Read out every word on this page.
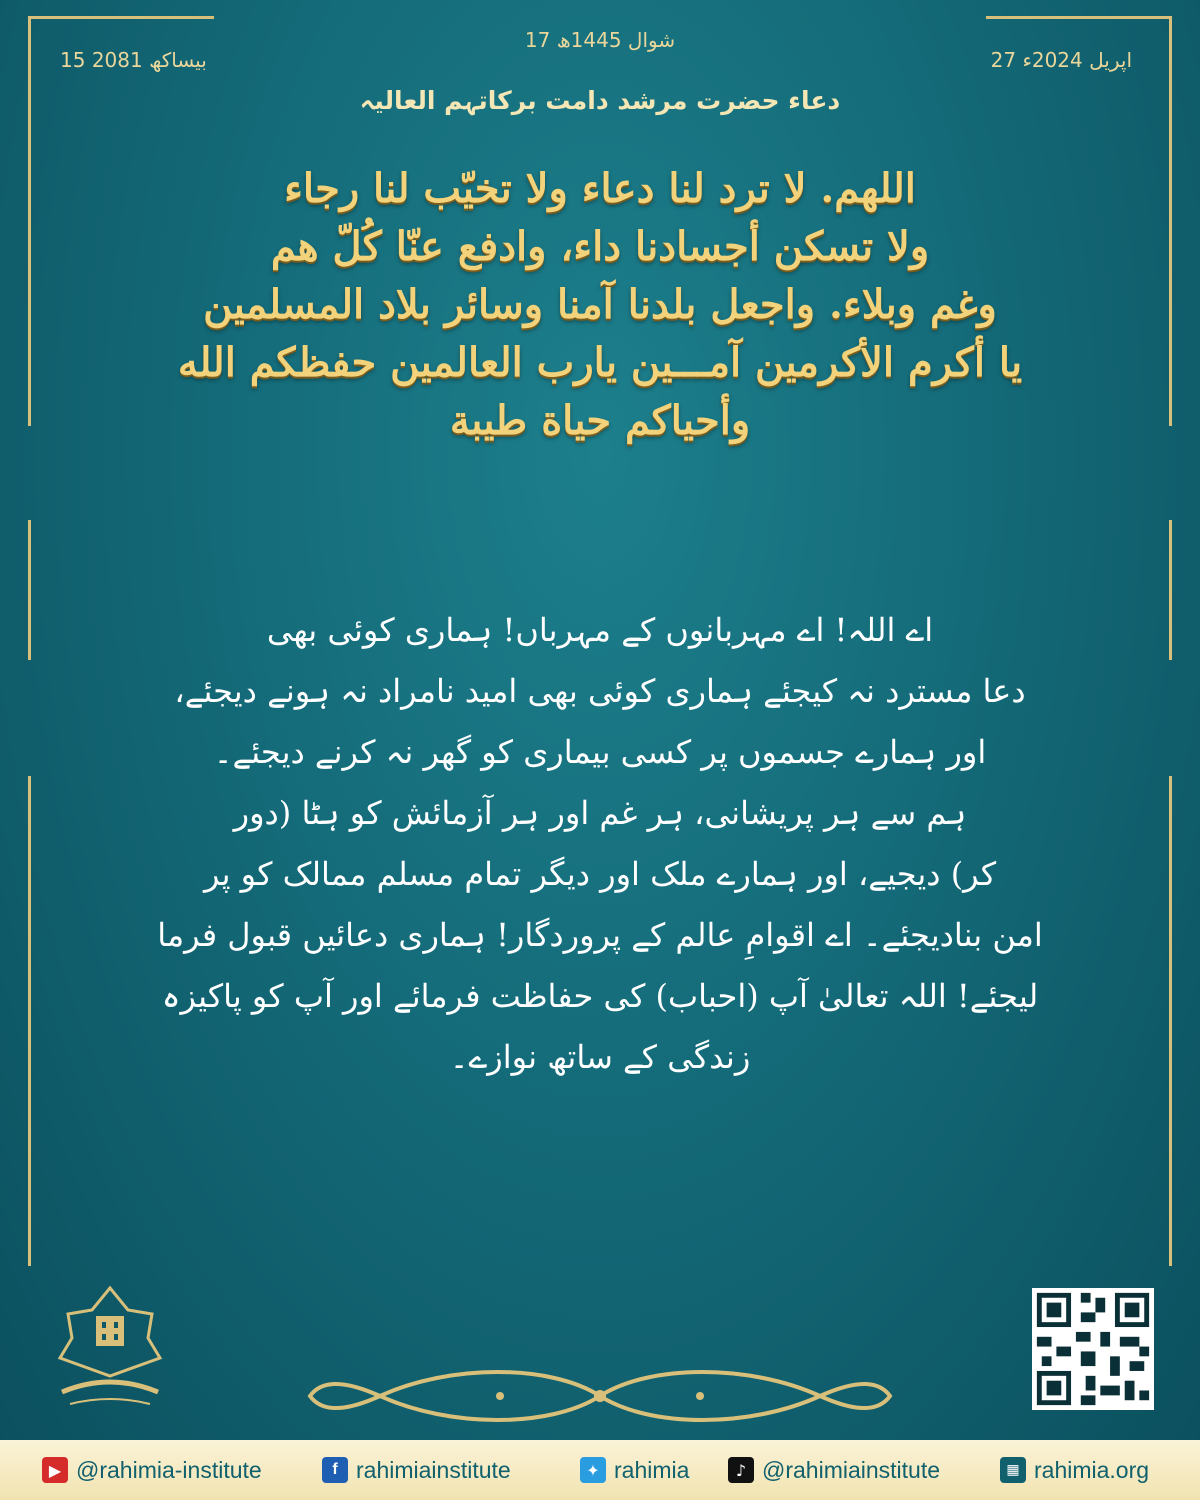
17 شوال 1445ھ
15 بیساکھ 2081	27 اپریل 2024ء
دعاء حضرت مرشد دامت برکاتہم العالیہ
اللهم. لا ترد لنا دعاء ولا تخيّب لنا رجاء
ولا تسكن أجسادنا داء، وادفع عنّا كُلّ هم
وغم وبلاء. واجعل بلدنا آمنا وسائر بلاد المسلمين
يا أكرم الأكرمين آمـــين يارب العالمين حفظكم الله
وأحياكم حياة طيبة
اے اللہ! اے مہربانوں کے مہرباں! ہماری کوئی بھی
دعا مسترد نہ کیجئے ہماری کوئی بھی امید نامراد نہ ہونے دیجئے،
اور ہمارے جسموں پر کسی بیماری کو گھر نہ کرنے دیجئے۔
ہم سے ہر پریشانی، ہر غم اور ہر آزمائش کو ہٹا (دور
کر) دیجیے، اور ہمارے ملک اور دیگر تمام مسلم ممالک کو پر
امن بنادیجئے۔ اے اقوامِ عالم کے پروردگار! ہماری دعائیں قبول فرما
لیجئے! اللہ تعالیٰ آپ (احباب) کی حفاظت فرمائے اور آپ کو پاکیزہ
زندگی کے ساتھ نوازے۔
▶ @rahimia-institute	f rahimiainstitute	✦ rahimia	♪ @rahimiainstitute	▦ rahimia.org
